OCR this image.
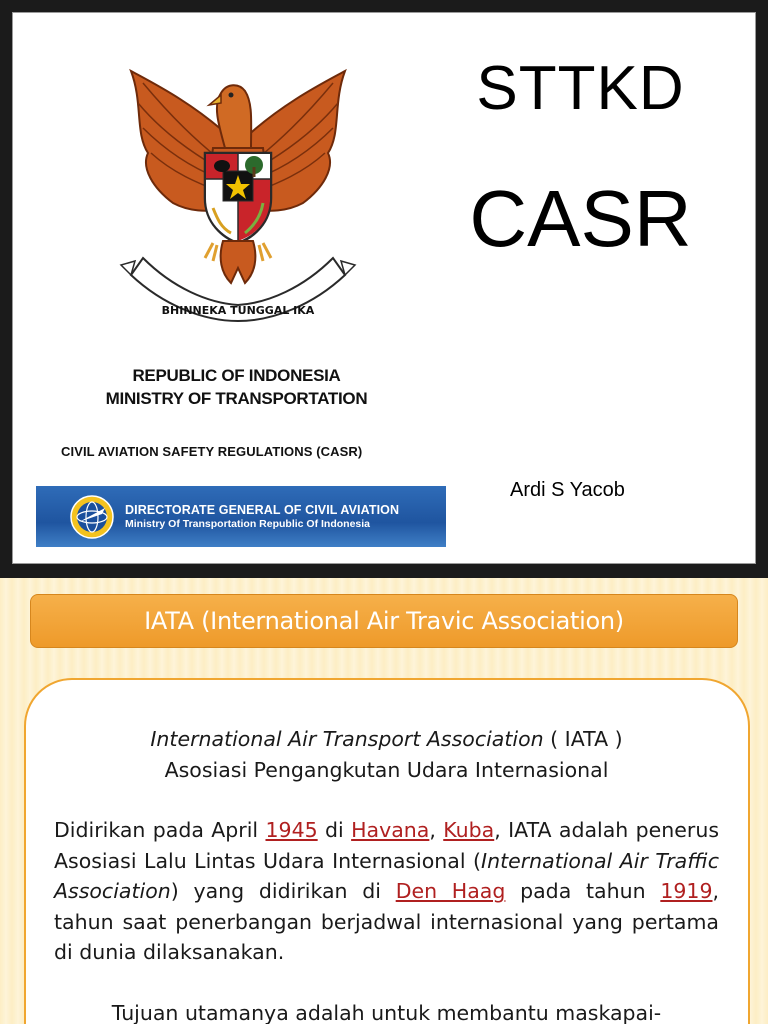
BHINNEKA TUNGGAL IKA
STTKD
CASR
REPUBLIC OF INDONESIA
MINISTRY OF TRANSPORTATION
CIVIL AVIATION SAFETY REGULATIONS (CASR)
Ardi S Yacob
DIRECTORATE GENERAL OF CIVIL AVIATION
Ministry Of Transportation Republic Of Indonesia
IATA (International Air Travic Association)
International Air Transport Association ( IATA )
Asosiasi Pengangkutan Udara Internasional
Didirikan pada April 1945 di Havana, Kuba, IATA adalah penerus Asosiasi Lalu Lintas Udara Internasional (International Air Traffic Association) yang didirikan di Den Haag pada tahun 1919, tahun saat penerbangan berjadwal internasional yang pertama di dunia dilaksanakan.
Tujuan utamanya adalah untuk membantu maskapai-
